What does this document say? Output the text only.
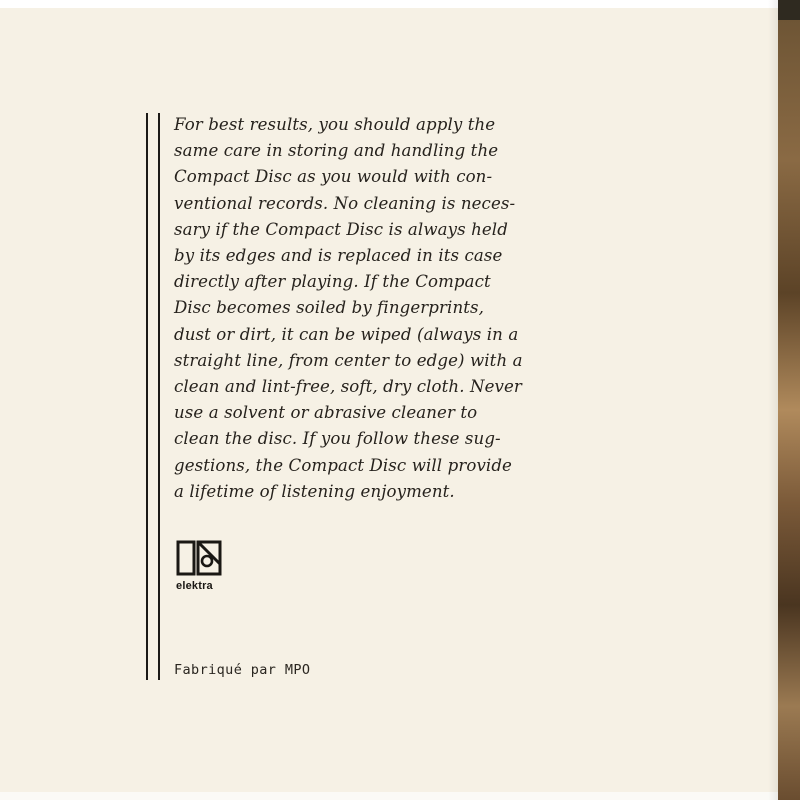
For best results, you should apply the
same care in storing and handling the
Compact Disc as you would with con-
ventional records. No cleaning is neces-
sary if the Compact Disc is always held
by its edges and is replaced in its case
directly after playing. If the Compact
Disc becomes soiled by fingerprints,
dust or dirt, it can be wiped (always in a
straight line, from center to edge) with a
clean and lint-free, soft, dry cloth. Never
use a solvent or abrasive cleaner to
clean the disc. If you follow these sug-
gestions, the Compact Disc will provide
a lifetime of listening enjoyment.

elektra
Fabriqué par MPO
